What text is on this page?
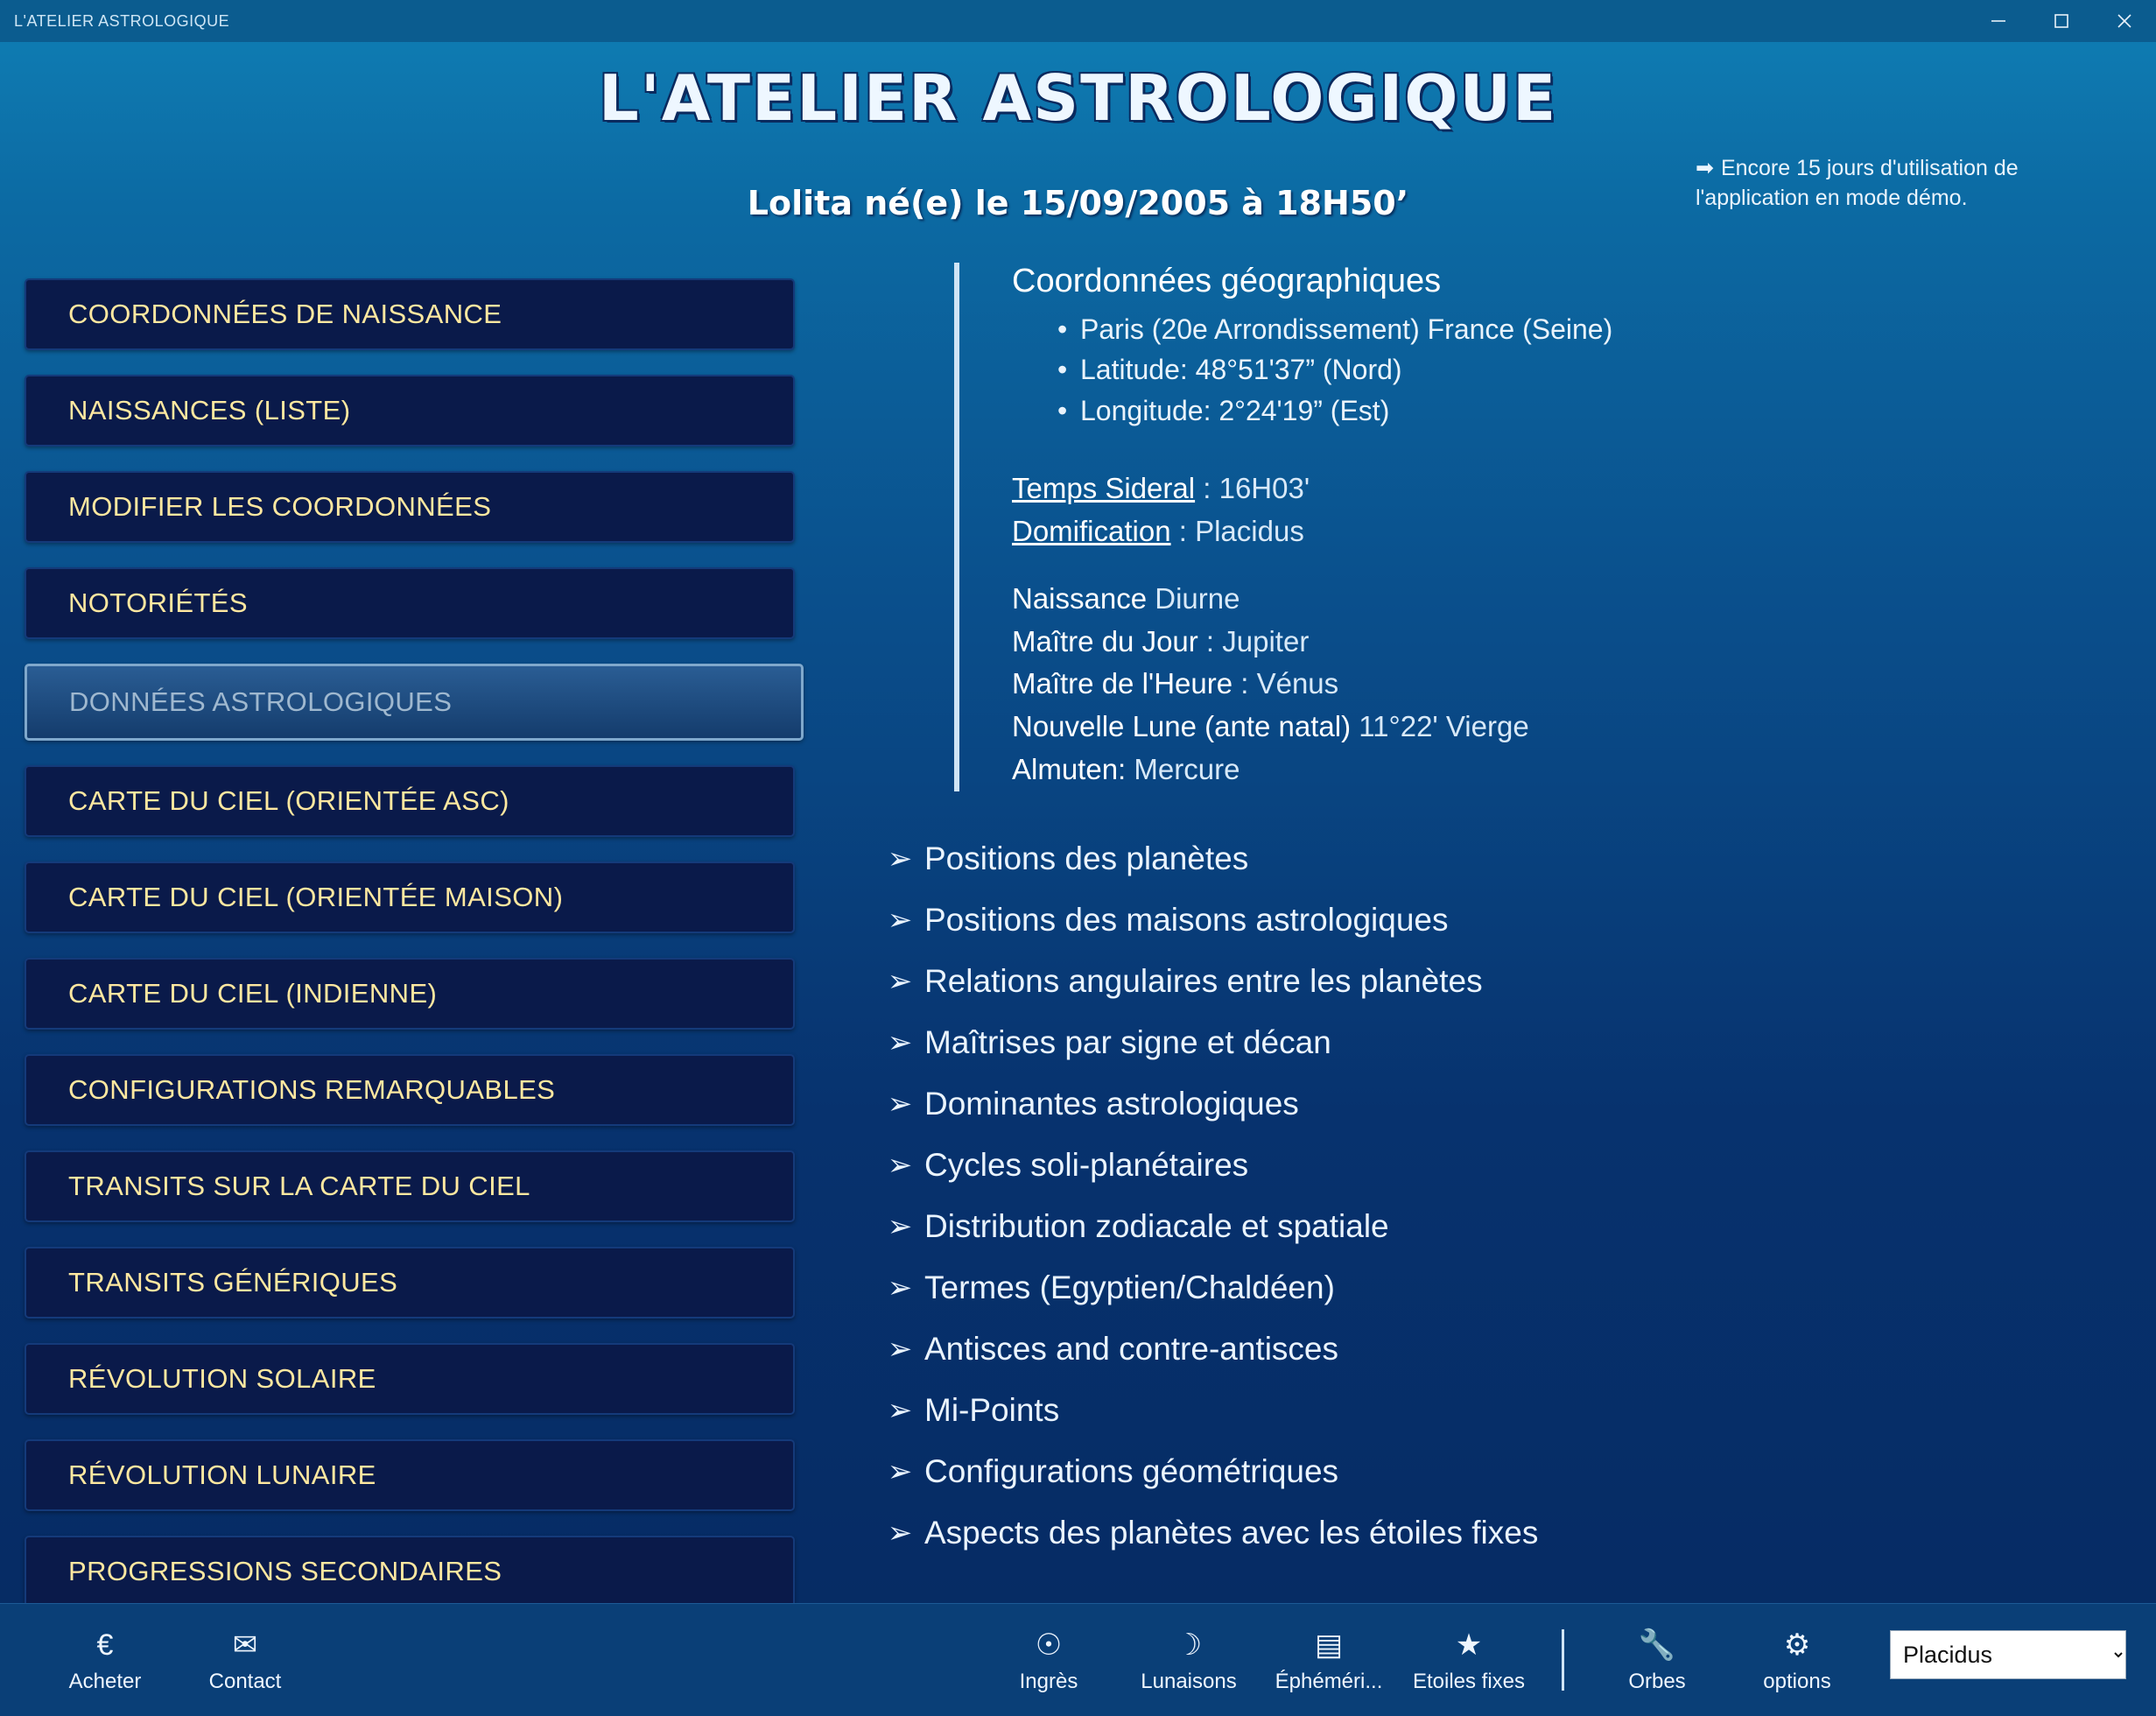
L'ATELIER ASTROLOGIQUE
L'ATELIER ASTROLOGIQUE
Lolita né(e) le 15/09/2005 à 18H50’
➡ Encore 15 jours d'utilisation de l'application en mode démo.
COORDONNÉES DE NAISSANCE
NAISSANCES (LISTE)
MODIFIER LES COORDONNÉES
NOTORIÉTÉS
DONNÉES ASTROLOGIQUES
CARTE DU CIEL (ORIENTÉE ASC)
CARTE DU CIEL (ORIENTÉE MAISON)
CARTE DU CIEL (INDIENNE)
CONFIGURATIONS REMARQUABLES
TRANSITS SUR LA CARTE DU CIEL
TRANSITS GÉNÉRIQUES
RÉVOLUTION SOLAIRE
RÉVOLUTION LUNAIRE
PROGRESSIONS SECONDAIRES
Coordonnées géographiques
• Paris (20e Arrondissement) France (Seine)
• Latitude: 48°51'37” (Nord)
• Longitude: 2°24'19” (Est)
Temps Sideral : 16H03'
Domification : Placidus
Naissance Diurne
Maître du Jour : Jupiter
Maître de l'Heure : Vénus
Nouvelle Lune (ante natal) 11°22' Vierge
Almuten: Mercure
➢ Positions des planètes
➢ Positions des maisons astrologiques
➢ Relations angulaires entre les planètes
➢ Maîtrises par signe et décan
➢ Dominantes astrologiques
➢ Cycles soli-planétaires
➢ Distribution zodiacale et spatiale
➢ Termes (Egyptien/Chaldéen)
➢ Antisces and contre-antisces
➢ Mi-Points
➢ Configurations géométriques
➢ Aspects des planètes avec les étoiles fixes
€
Acheter
✉
Contact
☉
Ingrès
☽
Lunaisons
▤
Éphéméri...
★
Etoiles fixes
🔧
Orbes
⚙
options
Placidus
